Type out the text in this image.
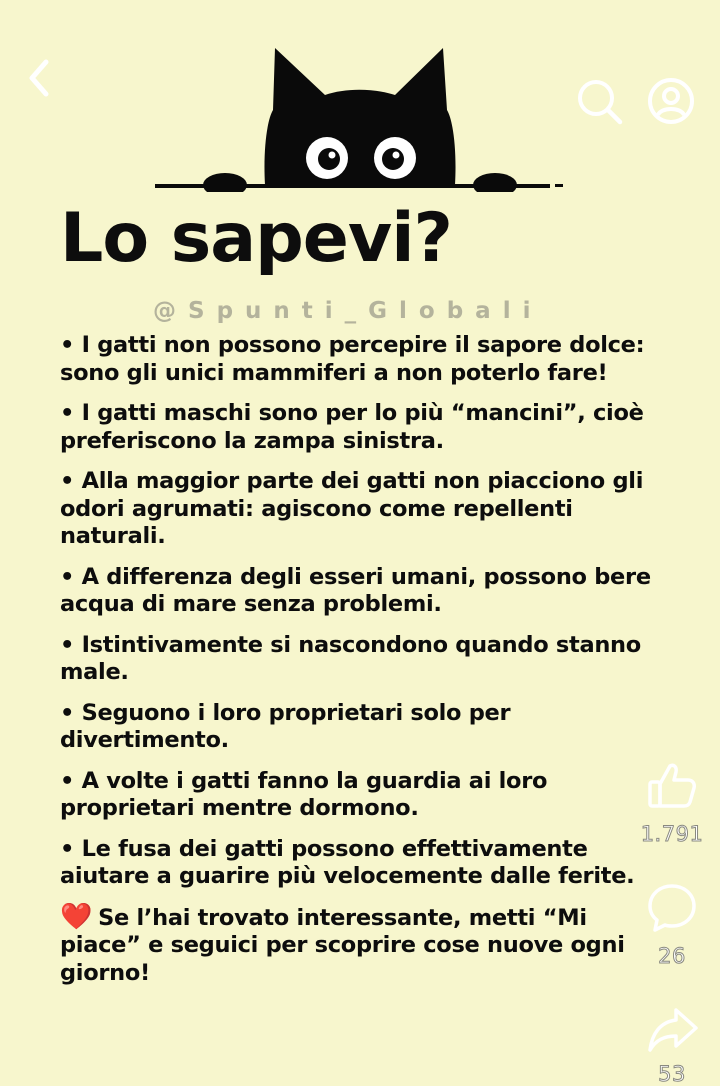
Lo sapevi?
@Spunti_Globali

• I gatti non possono percepire il sapore dolce: sono gli unici mammiferi a non poterlo fare!

• I gatti maschi sono per lo più “mancini”, cioè preferiscono la zampa sinistra.

• Alla maggior parte dei gatti non piacciono gli odori agrumati: agiscono come repellenti naturali.

• A differenza degli esseri umani, possono bere acqua di mare senza problemi.

• Istintivamente si nascondono quando stanno male.

• Seguono i loro proprietari solo per divertimento.

• A volte i gatti fanno la guardia ai loro proprietari mentre dormono.

• Le fusa dei gatti possono effettivamente aiutare a guarire più velocemente dalle ferite.

❤️ Se l’hai trovato interessante, metti “Mi piace” e seguici per scoprire cose nuove ogni giorno!
1.791
26
53
